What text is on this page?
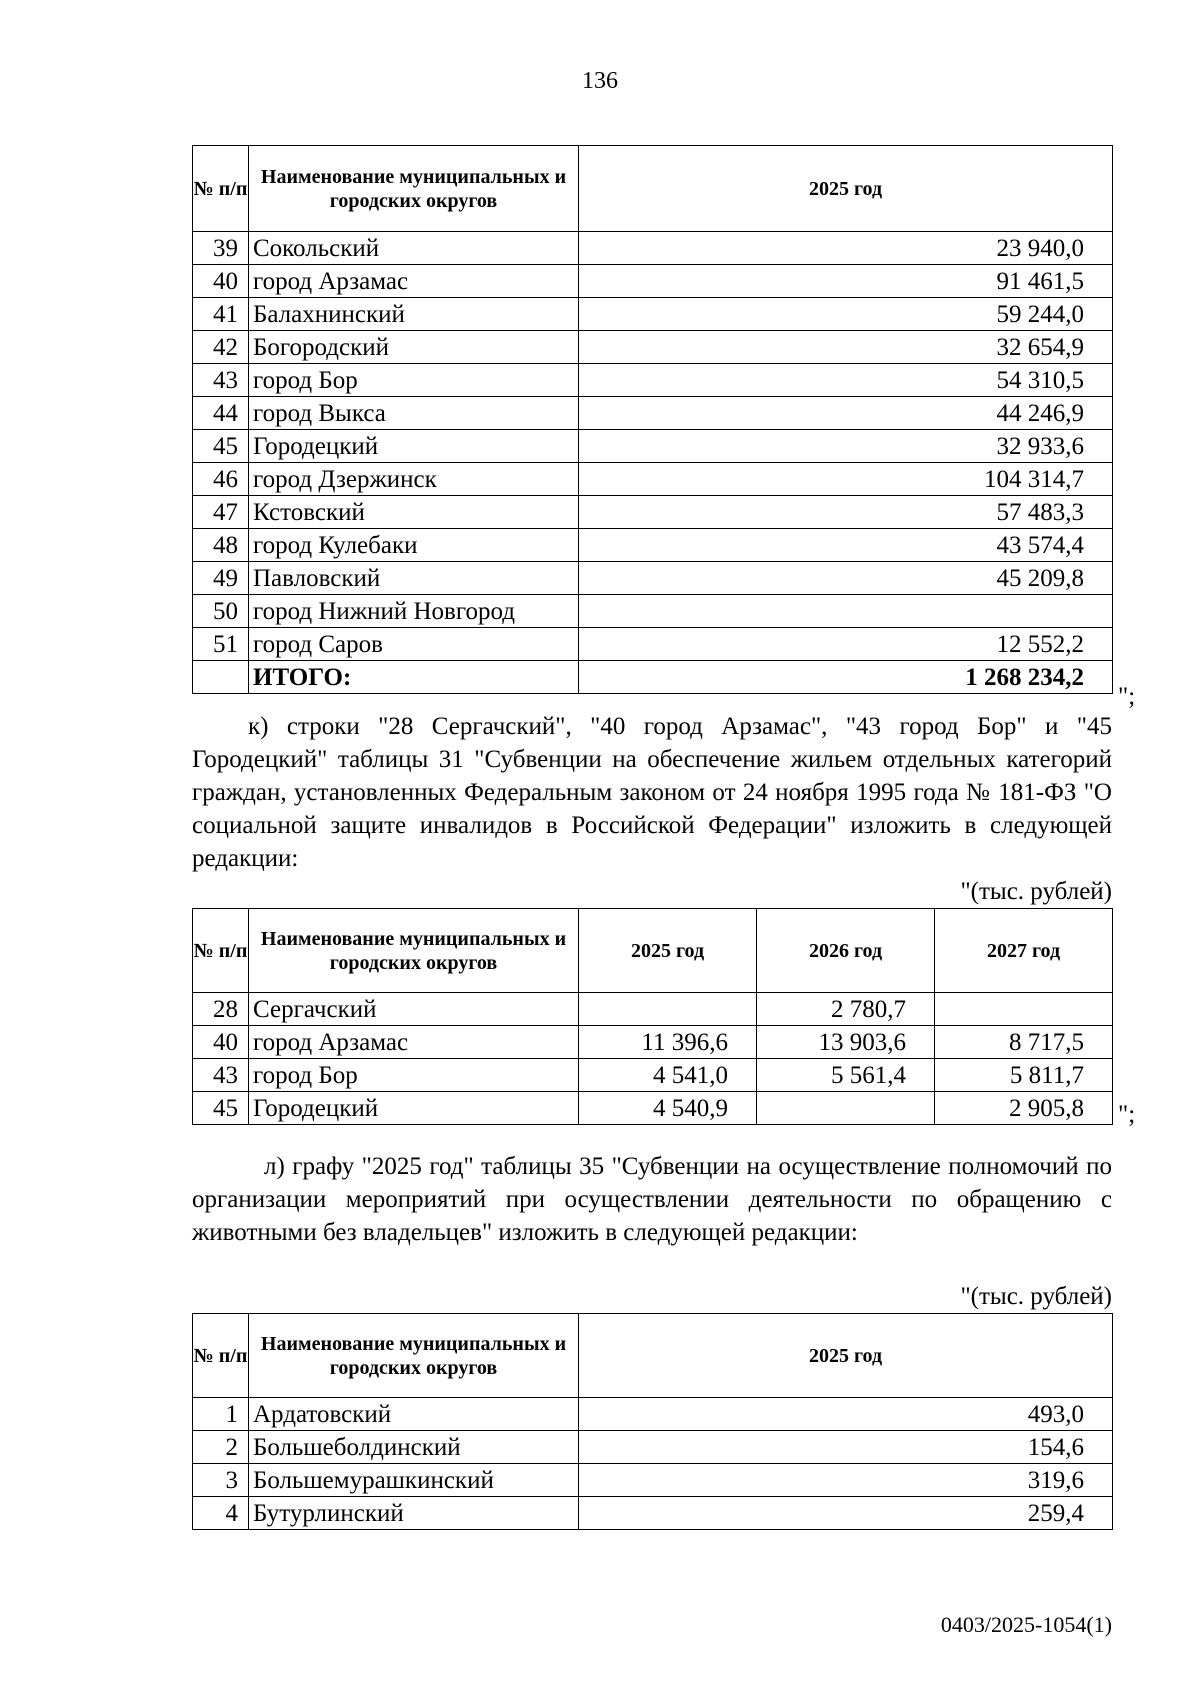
136
№ п/п	Наименование муниципальных и городских округов	2025 год
39	Сокольский	23 940,0
40	город Арзамас	91 461,5
41	Балахнинский	59 244,0
42	Богородский	32 654,9
43	город Бор	54 310,5
44	город Выкса	44 246,9
45	Городецкий	32 933,6
46	город Дзержинск	104 314,7
47	Кстовский	57 483,3
48	город Кулебаки	43 574,4
49	Павловский	45 209,8
50	город Нижний Новгород	
51	город Саров	12 552,2
	ИТОГО:	1 268 234,2
";
к) строки "28 Сергачский", "40 город Арзамас", "43 город Бор" и "45 Городецкий" таблицы 31 "Субвенции на обеспечение жильем отдельных категорий граждан, установленных Федеральным законом от 24 ноября 1995 года № 181-ФЗ "О социальной защите инвалидов в Российской Федерации" изложить в следующей редакции:
"(тыс. рублей)
№ п/п	Наименование муниципальных и городских округов	2025 год	2026 год	2027 год
28	Сергачский		2 780,7	
40	город Арзамас	11 396,6	13 903,6	8 717,5
43	город Бор	4 541,0	5 561,4	5 811,7
45	Городецкий	4 540,9		2 905,8 ";
л) графу "2025 год" таблицы 35 "Субвенции на осуществление полномочий по организации мероприятий при осуществлении деятельности по обращению с животными без владельцев" изложить в следующей редакции:
"(тыс. рублей)
№ п/п	Наименование муниципальных и городских округов	2025 год
1	Ардатовский	493,0
2	Большеболдинский	154,6
3	Большемурашкинский	319,6
4	Бутурлинский	259,4
0403/2025-1054(1)
